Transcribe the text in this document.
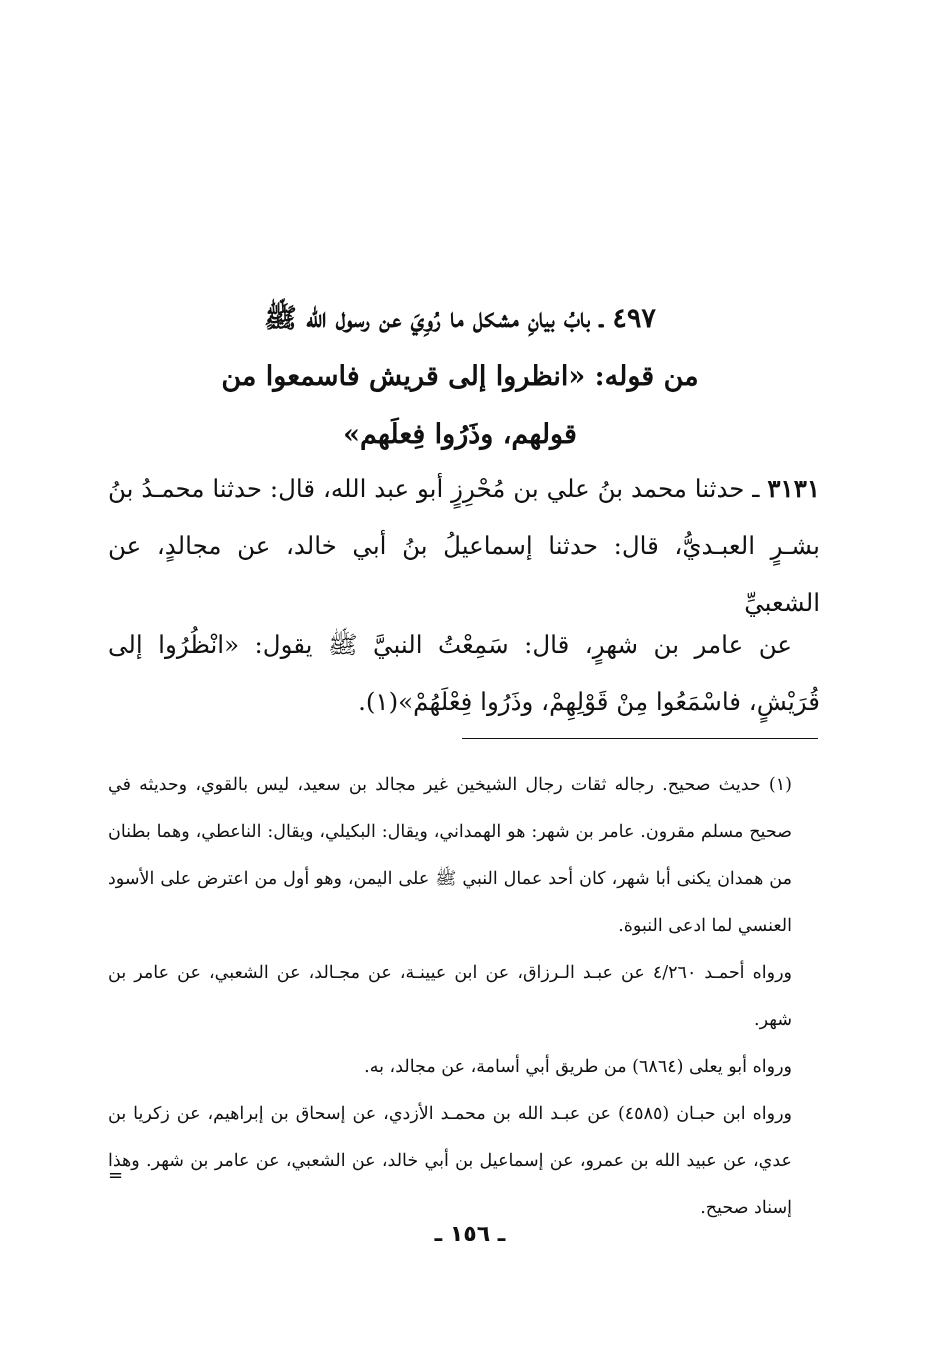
٤٩٧ ـ بابُ بيانِ مشكل ما رُوِيَ عن رسول الله ﷺ
من قوله: «انظروا إلى قريش فاسمعوا من
قولهم، وذَرُوا فِعلَهم»

٣١٣١ ـ حدثنا محمد بنُ علي بن مُحْرِزٍ أبو عبد الله، قال: حدثنا محمـدُ بنُ بشـرٍ العبـديُّ، قال: حدثنا إسماعيلُ بنُ أبي خالد، عن مجالدٍ، عن الشعبيِّ

عن عامر بن شهرٍ، قال: سَمِعْتُ النبيَّ ﷺ يقول: «انْظُرُوا إلى قُرَيْشٍ، فاسْمَعُوا مِنْ قَوْلِهِمْ، وذَرُوا فِعْلَهُمْ»(١).

(١) حديث صحيح. رجاله ثقات رجال الشيخين غير مجالد بن سعيد، ليس بالقوي، وحديثه في صحيح مسلم مقرون. عامر بن شهر: هو الهمداني، ويقال: البكيلي، ويقال: الناعطي، وهما بطنان من همدان يكنى أبا شهر، كان أحد عمال النبي ﷺ على اليمن، وهو أول من اعترض على الأسود العنسي لما ادعى النبوة.

ورواه أحمـد ٤/٢٦٠ عن عبـد الـرزاق، عن ابن عيينـة، عن مجـالد، عن الشعبي، عن عامر بن شهر.

ورواه أبو يعلى (٦٨٦٤) من طريق أبي أسامة، عن مجالد، به.

ورواه ابن حبـان (٤٥٨٥) عن عبـد الله بن محمـد الأزدي، عن إسحاق بن إبراهيم، عن زكريا بن عدي، عن عبيد الله بن عمرو، عن إسماعيل بن أبي خالد، عن الشعبي، عن عامر بن شهر. وهذا إسناد صحيح.

=
ـ ١٥٦ ـ
